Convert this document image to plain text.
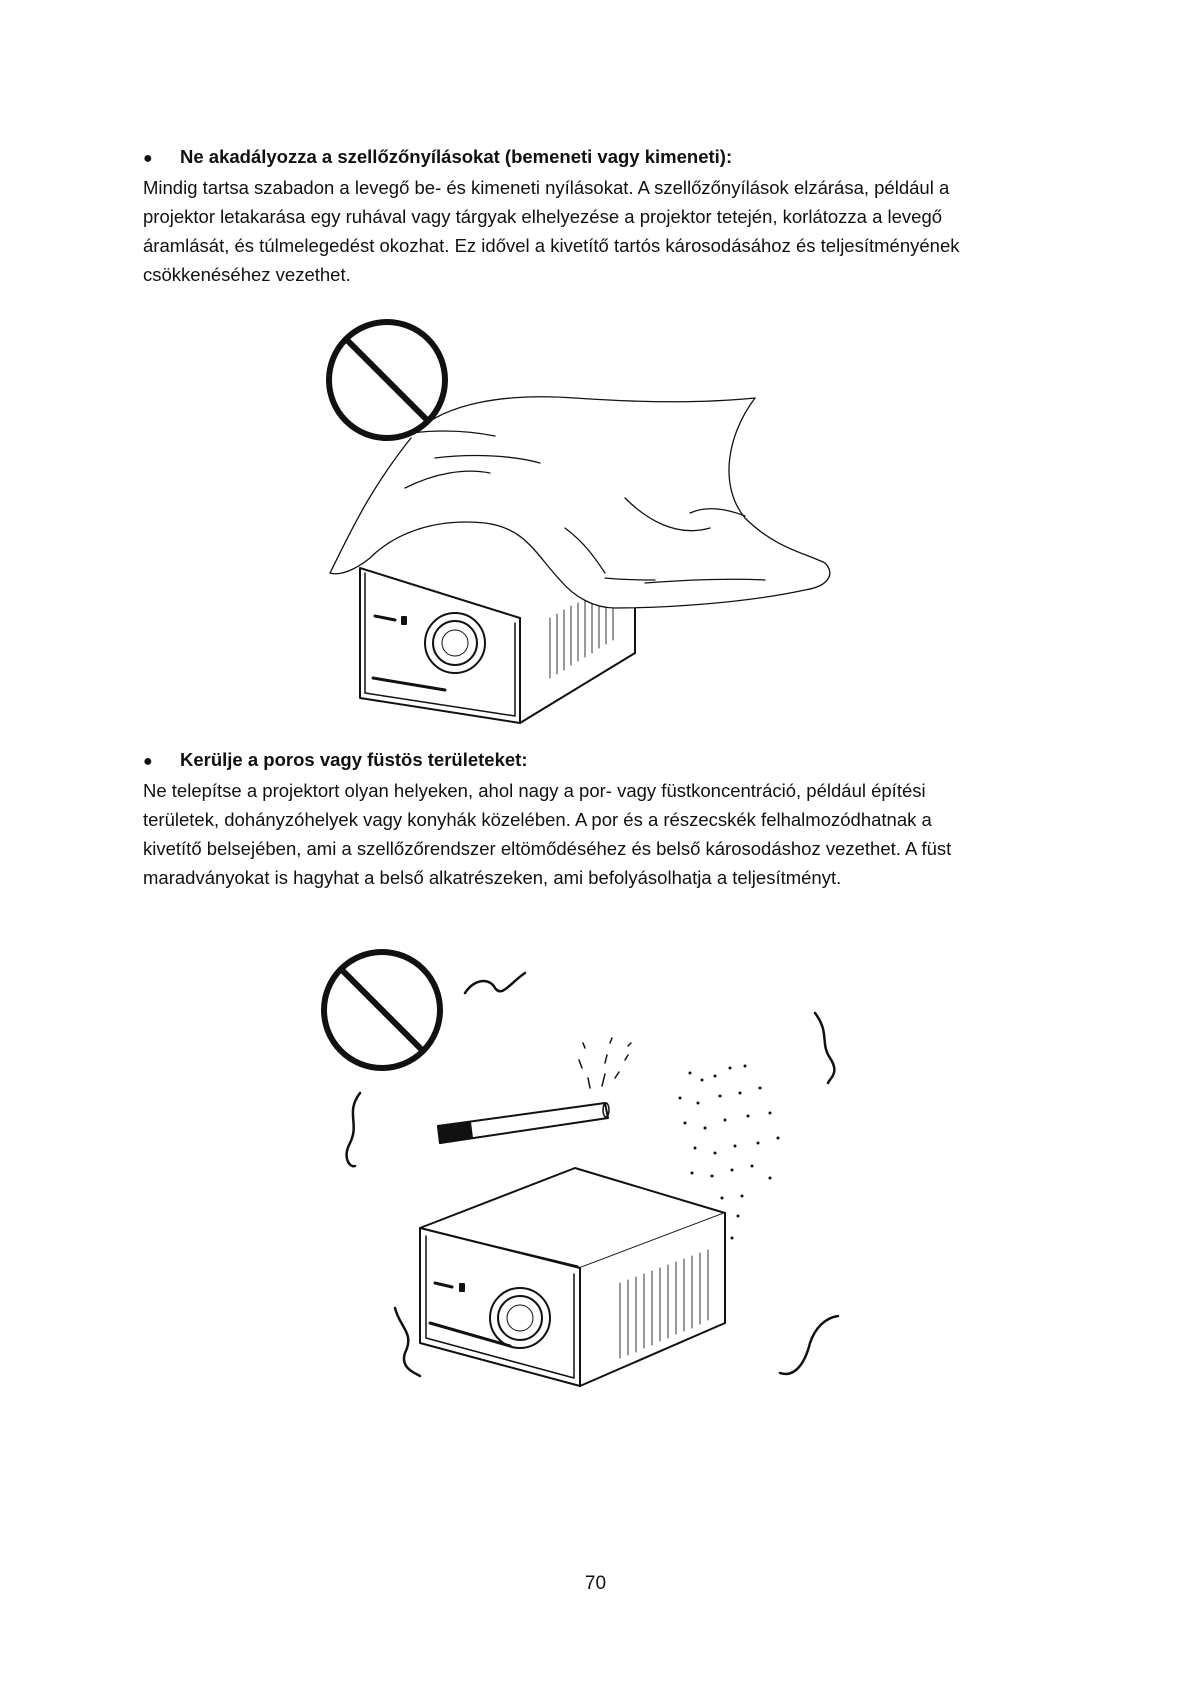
●	Ne akadályozza a szellőzőnyílásokat (bemeneti vagy kimeneti):

Mindig tartsa szabadon a levegő be- és kimeneti nyílásokat. A szellőzőnyílások elzárása, például a
projektor letakarása egy ruhával vagy tárgyak elhelyezése a projektor tetején, korlátozza a levegő
áramlását, és túlmelegedést okozhat. Ez idővel a kivetítő tartós károsodásához és teljesítményének
csökkenéséhez vezethet.

●	Kerülje a poros vagy füstös területeket:

Ne telepítse a projektort olyan helyeken, ahol nagy a por- vagy füstkoncentráció, például építési
területek, dohányzóhelyek vagy konyhák közelében. A por és a részecskék felhalmozódhatnak a
kivetítő belsejében, ami a szellőzőrendszer eltömődéséhez és belső károsodáshoz vezethet. A füst
maradványokat is hagyhat a belső alkatrészeken, ami befolyásolhatja a teljesítményt.

70
